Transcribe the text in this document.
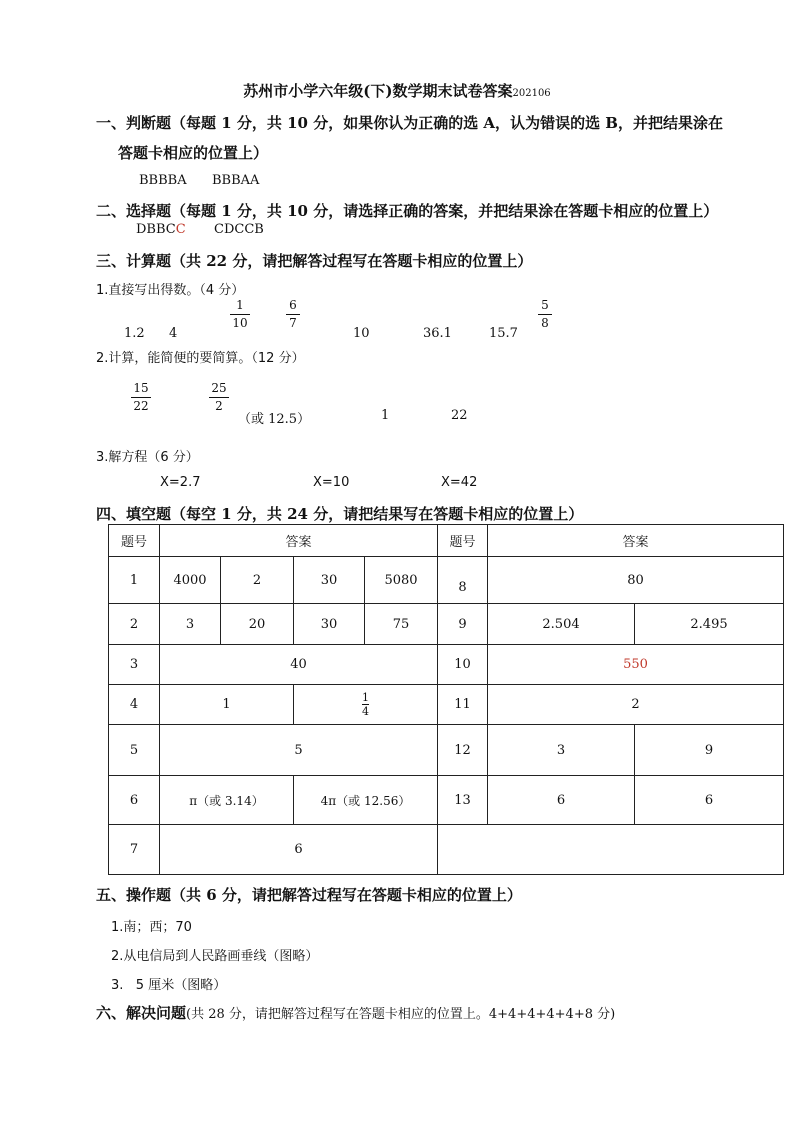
苏州市小学六年级(下)数学期末试卷答案202106
一、判断题（每题 1 分，共 10 分，如果你认为正确的选 A，认为错误的选 B，并把结果涂在
答题卡相应的位置上）
BBBBA BBBAA
二、选择题（每题 1 分，共 10 分，请选择正确的答案，并把结果涂在答题卡相应的位置上）
DBBCC CDCCB
三、计算题（共 22 分，请把解答过程写在答题卡相应的位置上）
1.直接写出得数。（4 分）
1.2 4
1
10
6
7
10	36.1	15.7
5
8
2.计算，能简便的要简算。（12 分）
15
22
25
2
（或 12.5）	1	22
3.解方程（6 分）
X=2.7	X=10	X=42
四、填空题（每空 1 分，共 24 分，请把结果写在答题卡相应的位置上）
题号	答案				题号	答案	
1	4000	2	30	5080	8	80	
2	3	20	30	75	9	2.504	2.495
3	40				10	550	
4	1		$\frac{1}{4}$		11	2	
5	5				12	3	9
6	π（或 3.14）		4π（或 12.56）		13	6	6
7	6						
五、操作题（共 6 分，请把解答过程写在答题卡相应的位置上）
1.南；西；70
2.从电信局到人民路画垂线（图略）
3.   5 厘米（图略）
六、解决问题(共 28 分，请把解答过程写在答题卡相应的位置上。4+4+4+4+4+8 分)
